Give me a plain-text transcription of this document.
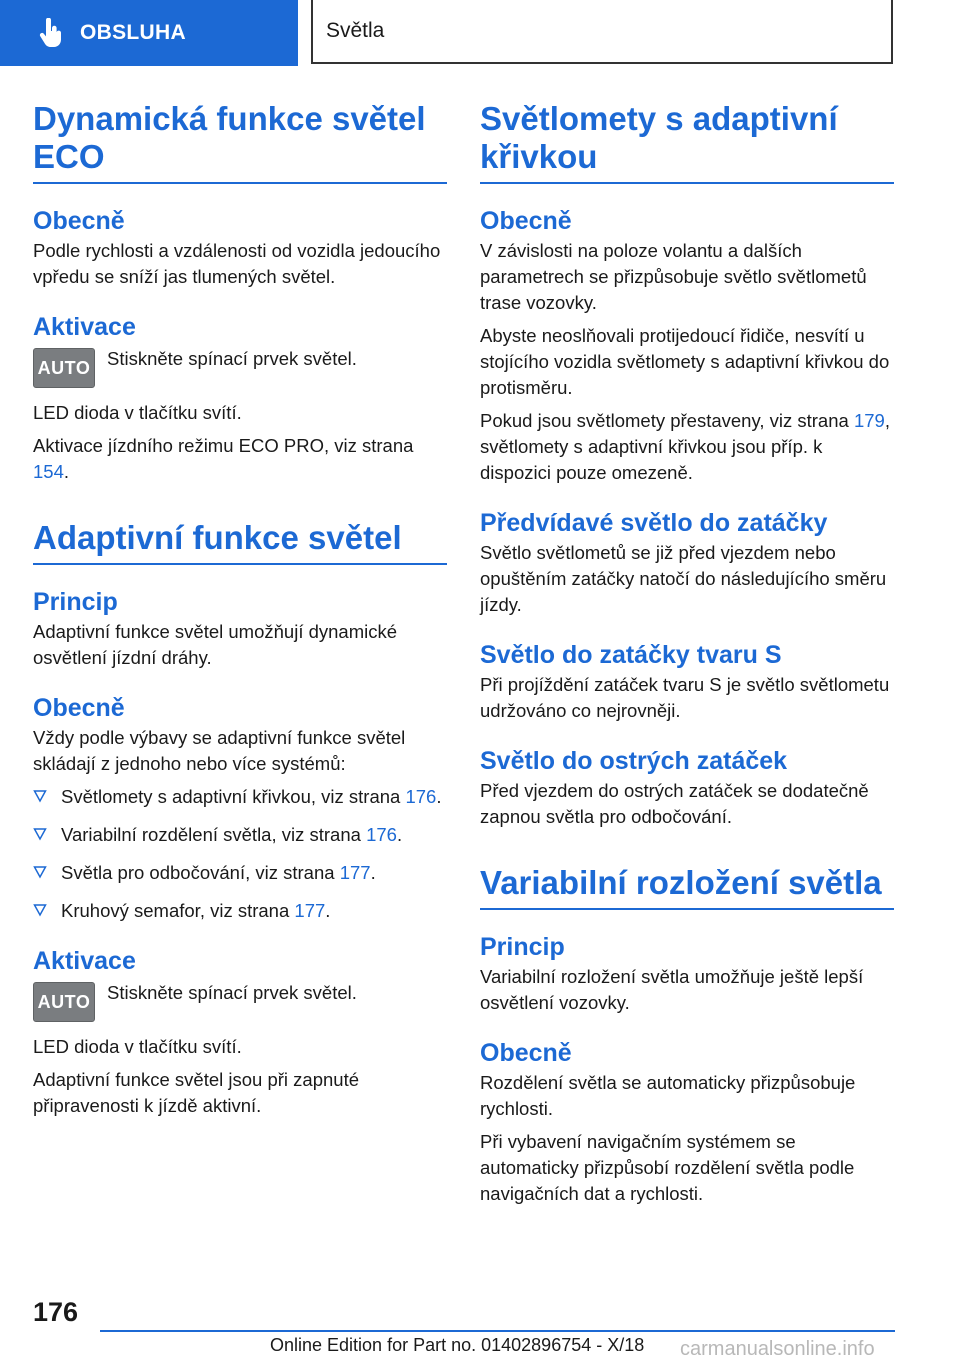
OBSLUHA	Světla
Dynamická funkce světel ECO
Obecně

Podle rychlosti a vzdálenosti od vozidla jedoucího vpředu se sníží jas tlumených světel.

Aktivace
AUTO Stiskněte spínací prvek světel.

LED dioda v tlačítku svítí.

Aktivace jízdního režimu ECO PRO, viz strana 154.

Adaptivní funkce světel
Princip

Adaptivní funkce světel umožňují dynamické osvětlení jízdní dráhy.

Obecně

Vždy podle výbavy se adaptivní funkce světel skládají z jednoho nebo více systémů:

Světlomety s adaptivní křivkou, viz strana 176.
Variabilní rozdělení světla, viz strana 176.
Světla pro odbočování, viz strana 177.
Kruhový semafor, viz strana 177.
Aktivace
AUTO Stiskněte spínací prvek světel.

LED dioda v tlačítku svítí.

Adaptivní funkce světel jsou při zapnuté připravenosti k jízdě aktivní.

Světlomety s adaptivní křivkou
Obecně

V závislosti na poloze volantu a dalších parametrech se přizpůsobuje světlo světlometů trase vozovky.

Abyste neoslňovali protijedoucí řidiče, nesvítí u stojícího vozidla světlomety s adaptivní křivkou do protisměru.

Pokud jsou světlomety přestaveny, viz strana 179, světlomety s adaptivní křivkou jsou příp. k dispozici pouze omezeně.

Předvídavé světlo do zatáčky

Světlo světlometů se již před vjezdem nebo opuštěním zatáčky natočí do následujícího směru jízdy.

Světlo do zatáčky tvaru S

Při projíždění zatáček tvaru S je světlo světlometu udržováno co nejrovněji.

Světlo do ostrých zatáček

Před vjezdem do ostrých zatáček se dodatečně zapnou světla pro odbočování.

Variabilní rozložení světla
Princip

Variabilní rozložení světla umožňuje ještě lepší osvětlení vozovky.

Obecně

Rozdělení světla se automaticky přizpůsobuje rychlosti.

Při vybavení navigačním systémem se automaticky přizpůsobí rozdělení světla podle navigačních dat a rychlosti.

176
Online Edition for Part no. 01402896754 - X/18 carmanualsonline.info
